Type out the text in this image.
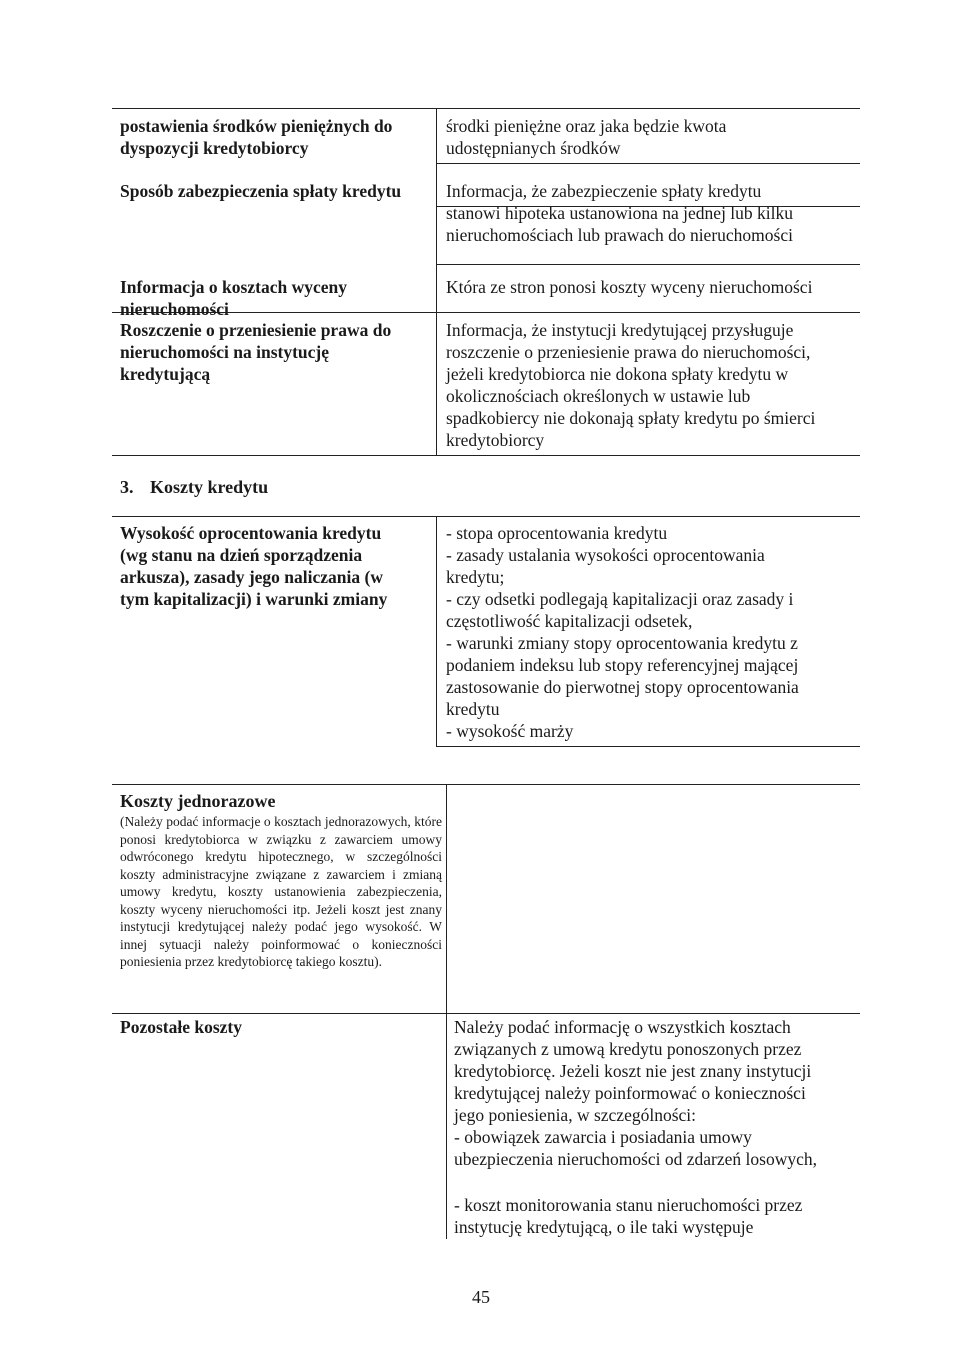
postawienia środków pieniężnych do
dyspozycji kredytobiorcy
środki pieniężne oraz jaka będzie kwota
udostępnianych środków
Sposób zabezpieczenia spłaty kredytu	Informacja, że zabezpieczenie spłaty kredytu
stanowi hipoteka ustanowiona na jednej lub kilku
nieruchomościach lub prawach do nieruchomości
Informacja o kosztach wyceny
nieruchomości
Która ze stron ponosi koszty wyceny nieruchomości
Roszczenie o przeniesienie prawa do
nieruchomości na instytucję
kredytującą
Informacja, że instytucji kredytującej przysługuje
roszczenie o przeniesienie prawa do nieruchomości,
jeżeli kredytobiorca nie dokona spłaty kredytu w
okolicznościach określonych w ustawie lub
spadkobiercy nie dokonają spłaty kredytu po śmierci
kredytobiorcy
3. Koszty kredytu
Wysokość oprocentowania kredytu
(wg stanu na dzień sporządzenia
arkusza), zasady jego naliczania (w
tym kapitalizacji) i warunki zmiany
- stopa oprocentowania kredytu
- zasady ustalania wysokości oprocentowania
kredytu;
- czy odsetki podlegają kapitalizacji oraz zasady i
częstotliwość kapitalizacji odsetek,
- warunki zmiany stopy oprocentowania kredytu z
podaniem indeksu lub stopy referencyjnej mającej
zastosowanie do pierwotnej stopy oprocentowania
kredytu
- wysokość marży
Koszty jednorazowe
(Należy podać informacje o kosztach jednorazowych, które ponosi kredytobiorca w związku z zawarciem umowy odwróconego kredytu hipotecznego, w szczególności koszty administracyjne związane z zawarciem i zmianą umowy kredytu, koszty ustanowienia zabezpieczenia, koszty wyceny nieruchomości itp. Jeżeli koszt jest znany instytucji kredytującej należy podać jego wysokość. W innej sytuacji należy poinformować o konieczności poniesienia przez kredytobiorcę takiego kosztu).
Pozostałe koszty	Należy podać informację o wszystkich kosztach
związanych z umową kredytu ponoszonych przez
kredytobiorcę. Jeżeli koszt nie jest znany instytucji
kredytującej należy poinformować o konieczności
jego poniesienia, w szczególności:
- obowiązek zawarcia i posiadania umowy
ubezpieczenia nieruchomości od zdarzeń losowych,
- koszt monitorowania stanu nieruchomości przez
instytucję kredytującą, o ile taki występuje
45
